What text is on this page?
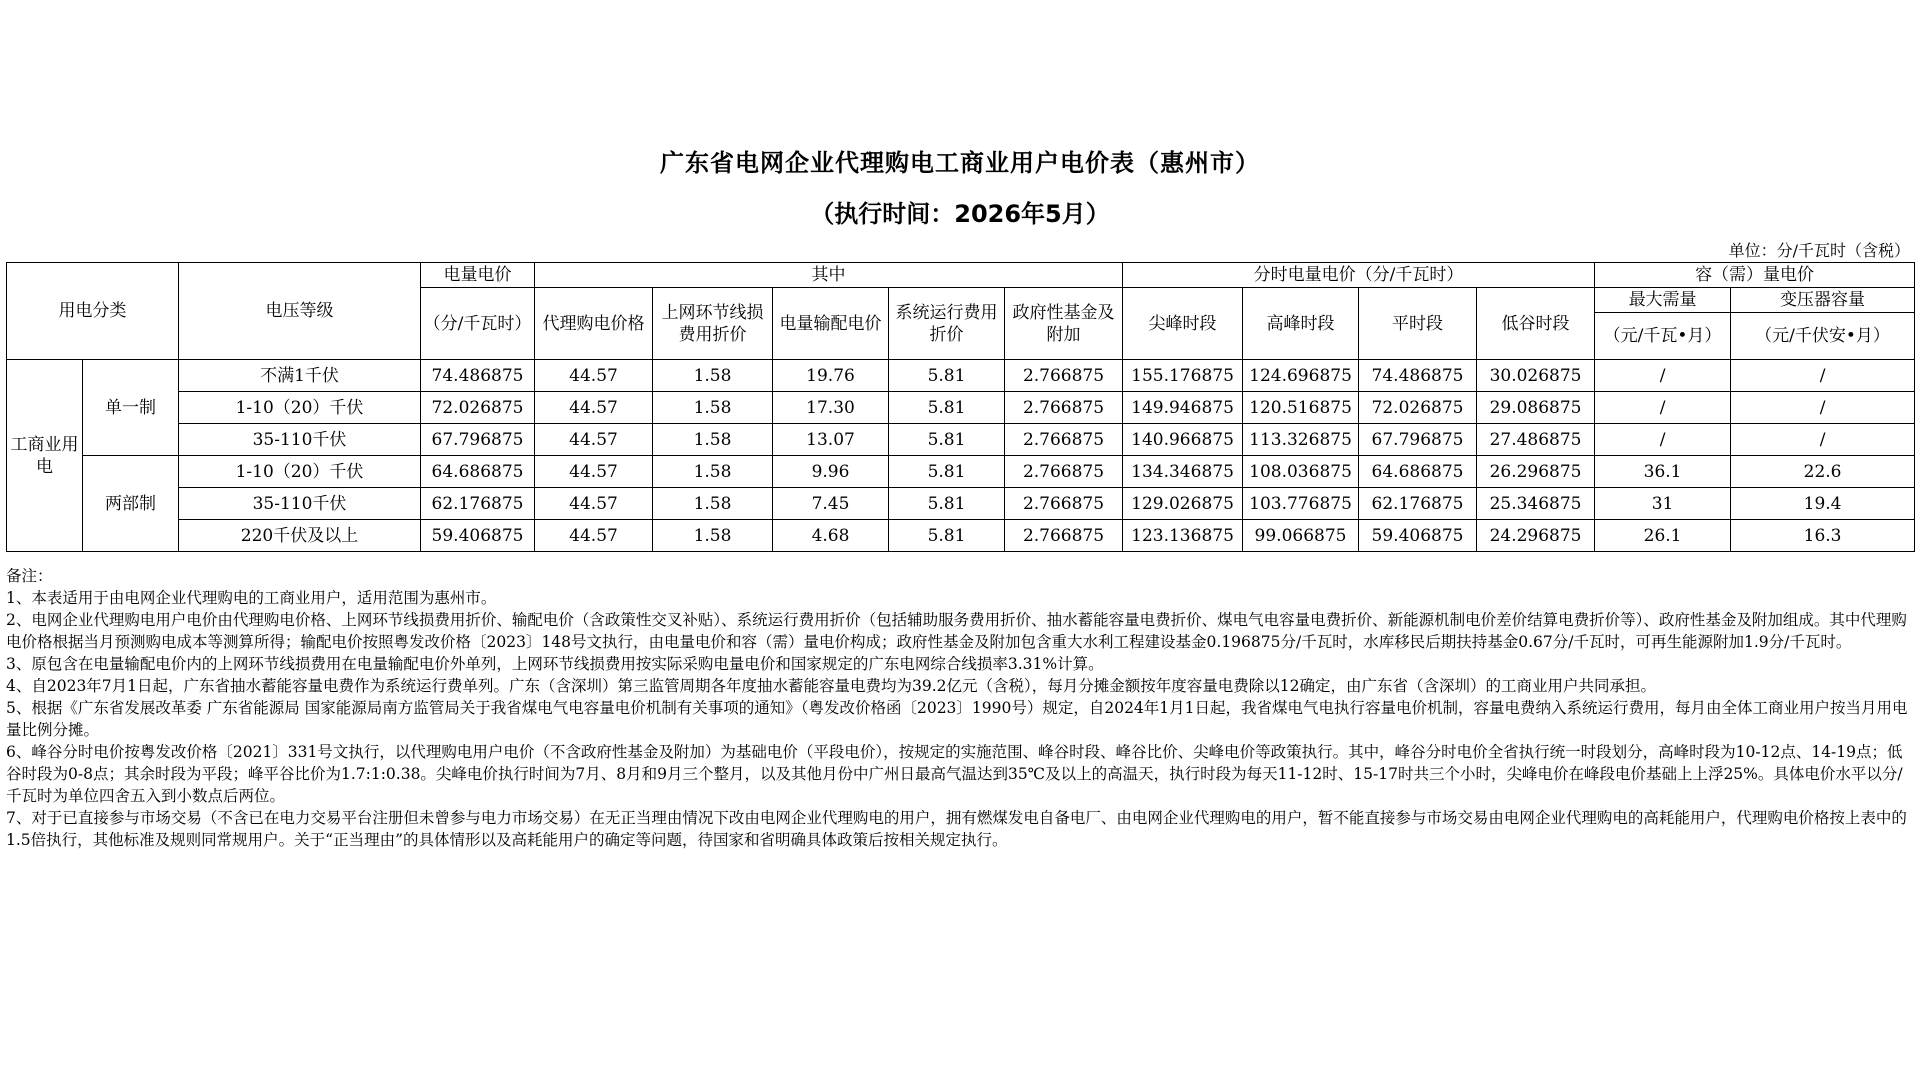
广东省电网企业代理购电工商业用户电价表（惠州市）
（执行时间：2026年5月）
单位：分/千瓦时（含税）
用电分类		电压等级	电量电价	其中					分时电量电价（分/千瓦时）				容（需）量电价	
			（分/千瓦时）	代理购电价格	上网环节线损费用折价	电量输配电价	系统运行费用折价	政府性基金及附加	尖峰时段	高峰时段	平时段	低谷时段	最大需量	变压器容量
													（元/千瓦•月）	（元/千伏安•月）
工商业用电	单一制	不满1千伏	74.486875	44.57	1.58	19.76	5.81	2.766875	155.176875	124.696875	74.486875	30.026875	/	/
		1-10（20）千伏	72.026875	44.57	1.58	17.30	5.81	2.766875	149.946875	120.516875	72.026875	29.086875	/	/
		35-110千伏	67.796875	44.57	1.58	13.07	5.81	2.766875	140.966875	113.326875	67.796875	27.486875	/	/
	两部制	1-10（20）千伏	64.686875	44.57	1.58	9.96	5.81	2.766875	134.346875	108.036875	64.686875	26.296875	36.1	22.6
		35-110千伏	62.176875	44.57	1.58	7.45	5.81	2.766875	129.026875	103.776875	62.176875	25.346875	31	19.4
		220千伏及以上	59.406875	44.57	1.58	4.68	5.81	2.766875	123.136875	99.066875	59.406875	24.296875	26.1	16.3

备注：

1、本表适用于由电网企业代理购电的工商业用户，适用范围为惠州市。

2、电网企业代理购电用户电价由代理购电价格、上网环节线损费用折价、输配电价（含政策性交叉补贴）、系统运行费用折价（包括辅助服务费用折价、抽水蓄能容量电费折价、煤电气电容量电费折价、新能源机制电价差价结算电费折价等）、政府性基金及附加组成。其中代理购电价格根据当月预测购电成本等测算所得；输配电价按照粤发改价格〔2023〕148号文执行，由电量电价和容（需）量电价构成；政府性基金及附加包含重大水利工程建设基金0.196875分/千瓦时，水库移民后期扶持基金0.67分/千瓦时，可再生能源附加1.9分/千瓦时。

3、原包含在电量输配电价内的上网环节线损费用在电量输配电价外单列，上网环节线损费用按实际采购电量电价和国家规定的广东电网综合线损率3.31%计算。

4、自2023年7月1日起，广东省抽水蓄能容量电费作为系统运行费单列。广东（含深圳）第三监管周期各年度抽水蓄能容量电费均为39.2亿元（含税），每月分摊金额按年度容量电费除以12确定，由广东省（含深圳）的工商业用户共同承担。

5、根据《广东省发展改革委 广东省能源局 国家能源局南方监管局关于我省煤电气电容量电价机制有关事项的通知》（粤发改价格函〔2023〕1990号）规定，自2024年1月1日起，我省煤电气电执行容量电价机制，容量电费纳入系统运行费用，每月由全体工商业用户按当月用电量比例分摊。

6、峰谷分时电价按粤发改价格〔2021〕331号文执行，以代理购电用户电价（不含政府性基金及附加）为基础电价（平段电价），按规定的实施范围、峰谷时段、峰谷比价、尖峰电价等政策执行。其中，峰谷分时电价全省执行统一时段划分，高峰时段为10-12点、14-19点；低谷时段为0-8点；其余时段为平段；峰平谷比价为1.7:1:0.38。尖峰电价执行时间为7月、8月和9月三个整月，以及其他月份中广州日最高气温达到35℃及以上的高温天，执行时段为每天11-12时、15-17时共三个小时，尖峰电价在峰段电价基础上上浮25%。具体电价水平以分/千瓦时为单位四舍五入到小数点后两位。

7、对于已直接参与市场交易（不含已在电力交易平台注册但未曾参与电力市场交易）在无正当理由情况下改由电网企业代理购电的用户，拥有燃煤发电自备电厂、由电网企业代理购电的用户，暂不能直接参与市场交易由电网企业代理购电的高耗能用户，代理购电价格按上表中的1.5倍执行，其他标准及规则同常规用户。关于“正当理由”的具体情形以及高耗能用户的确定等问题，待国家和省明确具体政策后按相关规定执行。
